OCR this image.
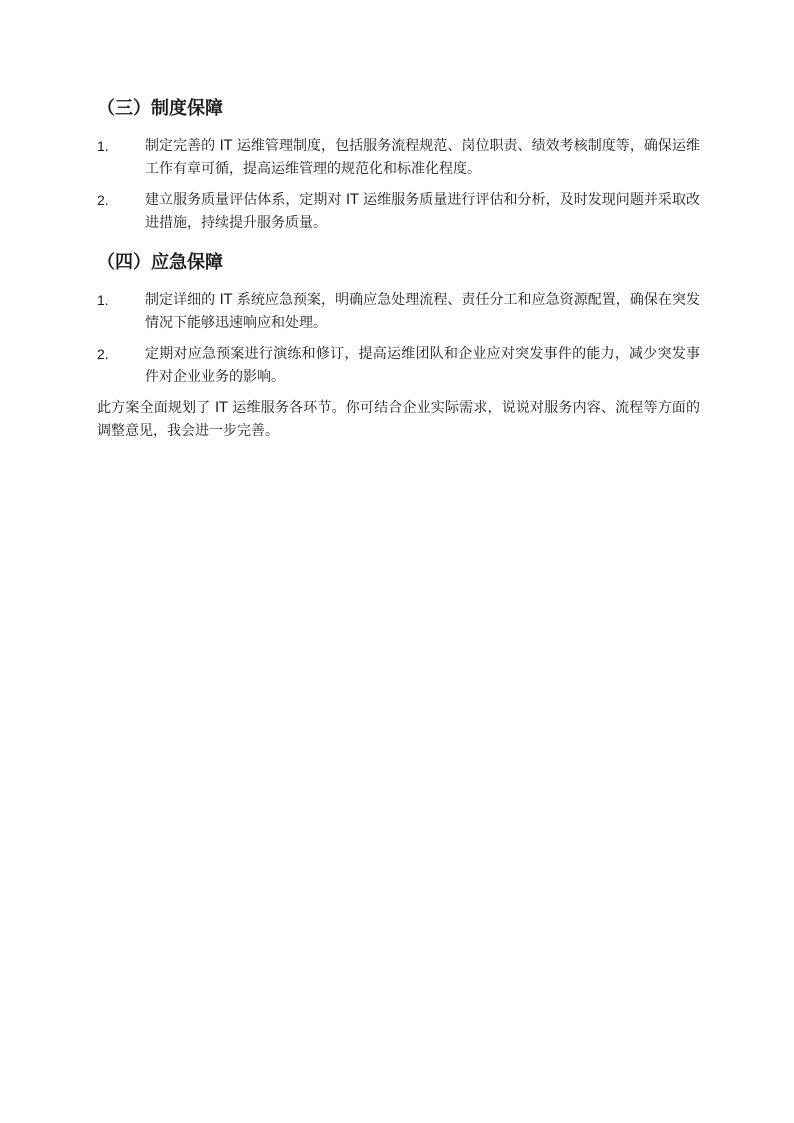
（三）制度保障
1.	制定完善的 IT 运维管理制度，包括服务流程规范、岗位职责、绩效考核制度等，确保运维工作有章可循，提高运维管理的规范化和标准化程度。
2.	建立服务质量评估体系，定期对 IT 运维服务质量进行评估和分析，及时发现问题并采取改进措施，持续提升服务质量。
（四）应急保障
1.	制定详细的 IT 系统应急预案，明确应急处理流程、责任分工和应急资源配置，确保在突发情况下能够迅速响应和处理。
2.	定期对应急预案进行演练和修订，提高运维团队和企业应对突发事件的能力，减少突发事件对企业业务的影响。
此方案全面规划了 IT 运维服务各环节。你可结合企业实际需求，说说对服务内容、流程等方面的调整意见，我会进一步完善。
